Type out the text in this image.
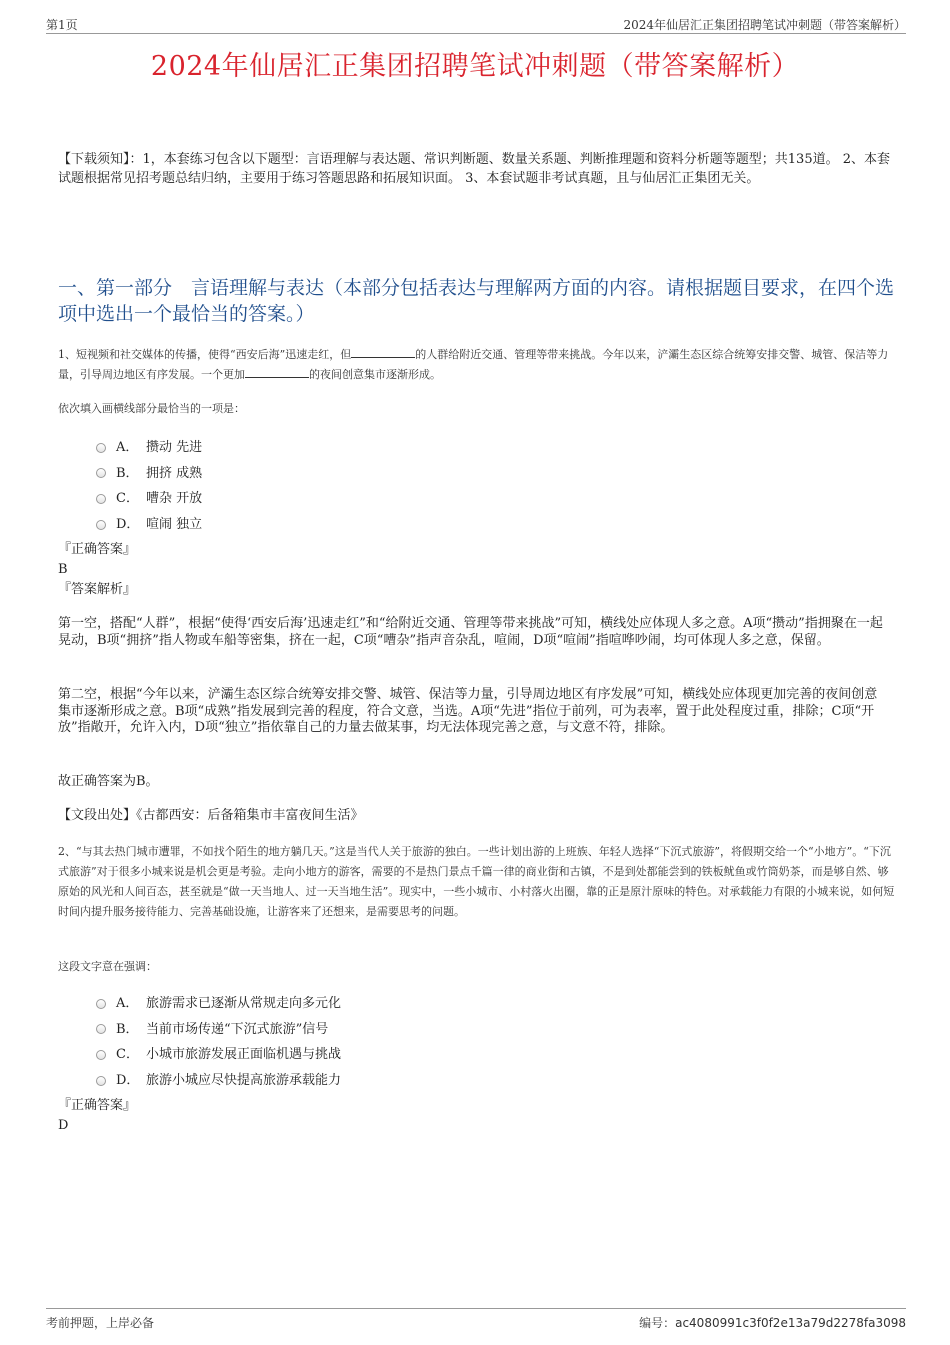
第1页	2024年仙居汇正集团招聘笔试冲刺题（带答案解析）
2024年仙居汇正集团招聘笔试冲刺题（带答案解析）
【下载须知】：1，本套练习包含以下题型：言语理解与表达题、常识判断题、数量关系题、判断推理题和资料分析题等题型；共135道。 2、本套试题根据常见招考题总结归纳，主要用于练习答题思路和拓展知识面。 3、本套试题非考试真题，且与仙居汇正集团无关。
一、第一部分　言语理解与表达（本部分包括表达与理解两方面的内容。请根据题目要求，在四个选项中选出一个最恰当的答案。）
1、短视频和社交媒体的传播，使得“西安后海”迅速走红，但	的人群给附近交通、管理等带来挑战。今年以来，浐灞生态区综合统筹安排交警、城管、保洁等力量，引导周边地区有序发展。一个更加	的夜间创意集市逐渐形成。
依次填入画横线部分最恰当的一项是：
A． 攒动 先进
B． 拥挤 成熟
C． 嘈杂 开放
D． 喧闹 独立
『正确答案』
B
『答案解析』
第一空，搭配“人群”，根据“使得‘西安后海’迅速走红”和“给附近交通、管理等带来挑战”可知，横线处应体现人多之意。A项“攒动”指拥聚在一起晃动，B项“拥挤”指人物或车船等密集，挤在一起，C项“嘈杂”指声音杂乱，喧闹，D项“喧闹”指喧哗吵闹，均可体现人多之意，保留。
第二空，根据“今年以来，浐灞生态区综合统筹安排交警、城管、保洁等力量，引导周边地区有序发展”可知，横线处应体现更加完善的夜间创意集市逐渐形成之意。B项“成熟”指发展到完善的程度，符合文意，当选。A项“先进”指位于前列，可为表率，置于此处程度过重，排除；C项“开放”指敞开，允许入内，D项“独立”指依靠自己的力量去做某事，均无法体现完善之意，与文意不符，排除。
故正确答案为B。
【文段出处】《古都西安：后备箱集市丰富夜间生活》
2、“与其去热门城市遭罪，不如找个陌生的地方躺几天。”这是当代人关于旅游的独白。一些计划出游的上班族、年轻人选择“下沉式旅游”，将假期交给一个“小地方”。“下沉式旅游”对于很多小城来说是机会更是考验。走向小地方的游客，需要的不是热门景点千篇一律的商业街和古镇，不是到处都能尝到的铁板鱿鱼或竹筒奶茶，而是够自然、够原始的风光和人间百态，甚至就是“做一天当地人、过一天当地生活”。现实中，一些小城市、小村落火出圈，靠的正是原汁原味的特色。对承载能力有限的小城来说，如何短时间内提升服务接待能力、完善基础设施，让游客来了还想来，是需要思考的问题。
这段文字意在强调：
A． 旅游需求已逐渐从常规走向多元化
B． 当前市场传递“下沉式旅游”信号
C． 小城市旅游发展正面临机遇与挑战
D． 旅游小城应尽快提高旅游承载能力
『正确答案』
D
考前押题，上岸必备	编号：ac4080991c3f0f2e13a79d2278fa3098
